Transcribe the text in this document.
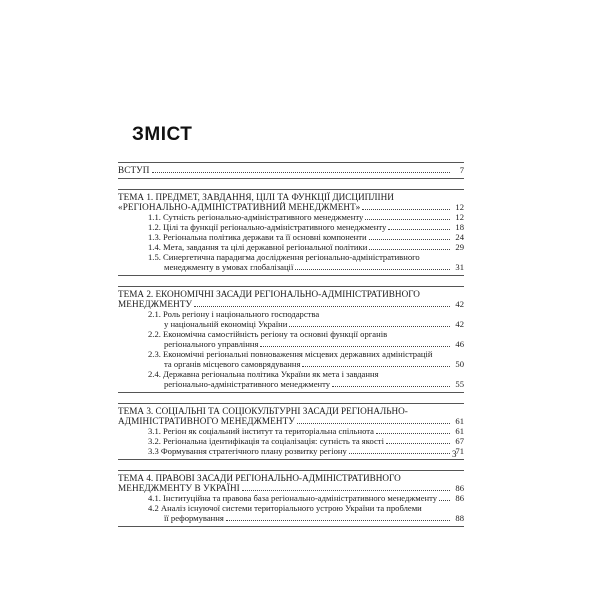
ЗМІСТ
ВСТУП	7
ТЕМА 1. ПРЕДМЕТ, ЗАВДАННЯ, ЦІЛІ ТА ФУНКЦІЇ ДИСЦИПЛІНИ
«РЕГІОНАЛЬНО-АДМІНІСТРАТИВНИЙ МЕНЕДЖМЕНТ»	12
1.1. Сутність регіонально-адміністративного менеджменту	12
1.2. Цілі та функції регіонально-адміністративного менеджменту	18
1.3. Регіональна політика держави та її основні компоненти	24
1.4. Мета, завдання та цілі державної регіональної політики	29
1.5. Синергетична парадигма дослідження регіонально-адміністративного
менеджменту в умовах глобалізації	31
ТЕМА 2. ЕКОНОМІЧНІ ЗАСАДИ РЕГІОНАЛЬНО-АДМІНІСТРАТИВНОГО
МЕНЕДЖМЕНТУ	42
2.1. Роль регіону і національного господарства
у національній економіці України	42
2.2. Економічна самостійність регіону та основні функції органів
регіонального управління	46
2.3. Економічні регіональні повноваження місцевих державних адміністрацій
та органів місцевого самоврядування	50
2.4. Державна регіональна політика України як мета і завдання
регіонально-адміністративного менеджменту	55
ТЕМА 3. СОЦІАЛЬНІ ТА СОЦІОКУЛЬТУРНІ ЗАСАДИ РЕГІОНАЛЬНО-
АДМІНІСТРАТИВНОГО МЕНЕДЖМЕНТУ	61
3.1. Регіон як соціальний інститут та територіальна спільнота	61
3.2. Регіональна ідентифікація та соціалізація: сутність та якості	67
3.3 Формування стратегічного плану розвитку регіону	71
ТЕМА 4. ПРАВОВІ ЗАСАДИ РЕГІОНАЛЬНО-АДМІНІСТРАТИВНОГО
МЕНЕДЖМЕНТУ В УКРАЇНІ	86
4.1. Інституційна та правова база регіонально-адміністративного менеджменту	86
4.2 Аналіз існуючої системи територіального устрою України та проблеми
її реформування	88
3
